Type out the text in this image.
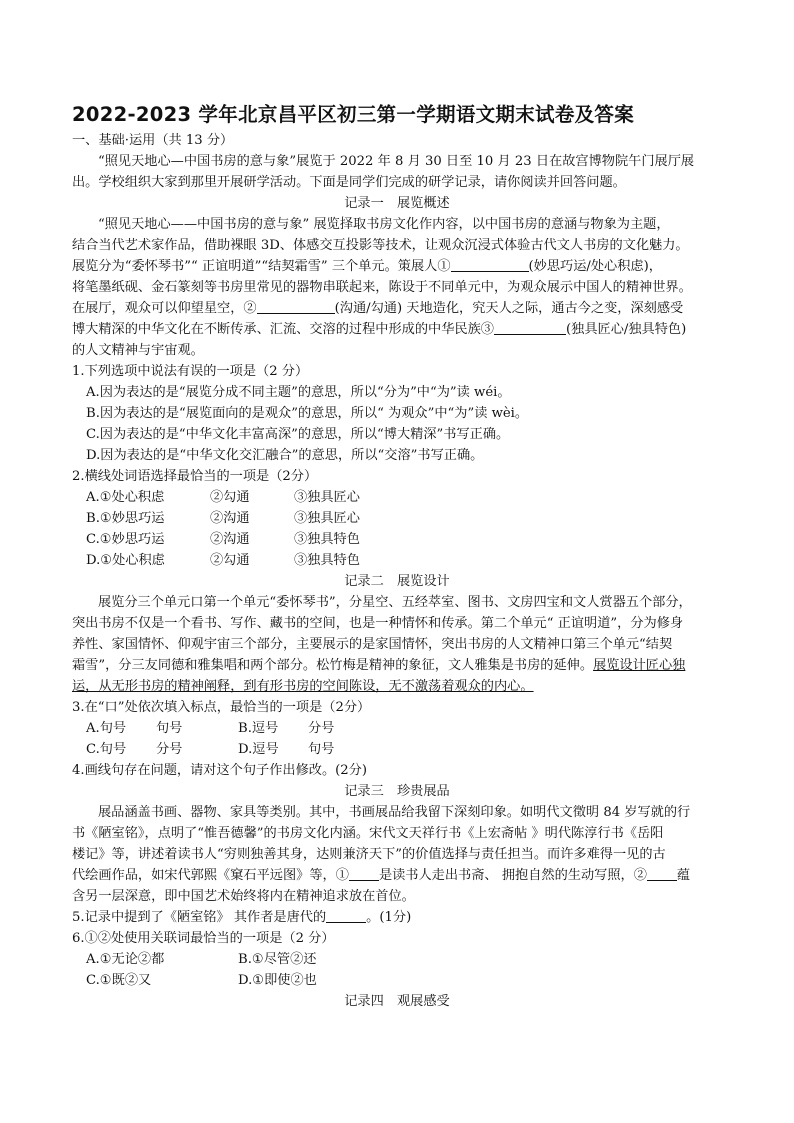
2022-2023 学年北京昌平区初三第一学期语文期末试卷及答案

一、基础·运用（共 13 分）

“照见天地心—中国书房的意与象”展览于 2022 年 8 月 30 日至 10 月 23 日在故宫博物院午门展厅展

出。学校组织大家到那里开展研学活动。下面是同学们完成的研学记录，请你阅读并回答问题。

记录一　展览概述

“照见天地心——中国书房的意与象” 展览择取书房文化作内容，以中国书房的意涵与物象为主题，

结合当代艺术家作品，借助裸眼 3D、体感交互投影等技术，让观众沉浸式体验古代文人书房的文化魅力。

展览分为“委怀琴书”“ 正谊明道”“结契霜雪” 三个单元。策展人①	(妙思巧运/处心积虑)，

将笔墨纸砚、金石篆刻等书房里常见的器物串联起来，陈设于不同单元中，为观众展示中国人的精神世界。

在展厅，观众可以仰望星空，②	(沟通/勾通) 天地造化，究天人之际，通古今之变，深刻感受

博大精深的中华文化在不断传承、汇流、交溶的过程中形成的中华民族③	(独具匠心/独具特色)

的人文精神与宇宙观。

1.下列选项中说法有误的一项是（2 分）

A.因为表达的是“展览分成不同主题”的意思，所以“分为”中“为”读 wéi。

B.因为表达的是“展览面向的是观众”的意思，所以“ 为观众”中“为”读 wèi。

C.因为表达的是“中华文化丰富高深”的意思，所以“博大精深”书写正确。

D.因为表达的是“中华文化交汇融合”的意思，所以“交溶”书写正确。

2.横线处词语选择最恰当的一项是（2分）

A.①处心积虑	②勾通	③独具匠心

B.①妙思巧运	②沟通	③独具匠心

C.①妙思巧运	②沟通	③独具特色

D.①处心积虑	②勾通	③独具特色

记录二　展览设计

展览分三个单元口第一个单元“委怀琴书”，分星空、五经萃室、图书、文房四宝和文人赏器五个部分，

突出书房不仅是一个看书、写作、藏书的空间，也是一种情怀和传承。第二个单元“ 正谊明道”，分为修身

养性、家国情怀、仰观宇宙三个部分，主要展示的是家国情怀，突出书房的人文精神口第三个单元“结契

霜雪”，分三友同德和雅集唱和两个部分。松竹梅是精神的象征，文人雅集是书房的延伸。展览设计匠心独

运，从无形书房的精神阐释，到有形书房的空间陈设，无不激荡着观众的内心。

3.在“口”处依次填入标点，最恰当的一项是（2分）

A.句号 句号	B.逗号 分号

C.句号 分号	D.逗号 句号

4.画线句存在问题，请对这个句子作出修改。(2分)

记录三　珍贵展品

展品涵盖书画、器物、家具等类别。其中，书画展品给我留下深刻印象。如明代文徵明 84 岁写就的行

书《陋室铭》，点明了“惟吾德馨”的书房文化内涵。宋代文天祥行书《上宏斋帖 》明代陈淳行书《岳阳

楼记》等，讲述着读书人“穷则独善其身，达则兼济天下”的价值选择与责任担当。而许多难得一见的古

代绘画作品，如宋代郭熙《窠石平远图》等，① 是读书人走出书斋、 拥抱自然的生动写照，② 蕴

含另一层深意，即中国艺术始终将内在精神追求放在首位。

5.记录中提到了《陋室铭》 其作者是唐代的	。(1分)

6.①②处使用关联词最恰当的一项是（2 分）

A.①无论②都	B.①尽管②还

C.①既②又	D.①即使②也

记录四　观展感受
